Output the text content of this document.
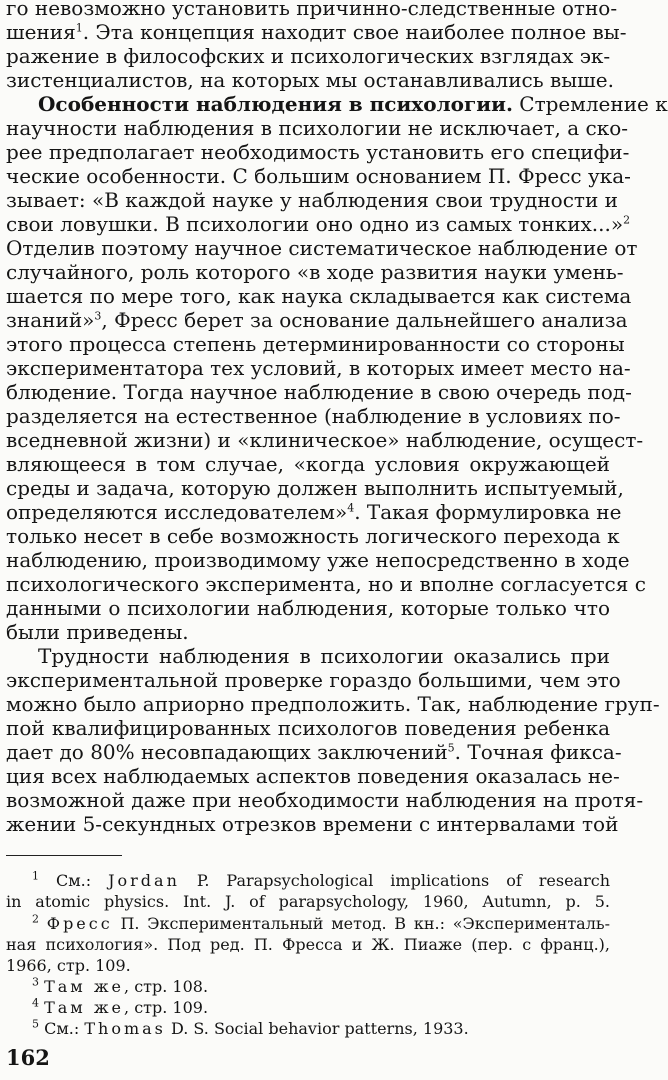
го невозможно установить причинно-следственные отно-
шения$^1$. Эта концепция находит свое наиболее полное вы-
ражение в философских и психологических взглядах эк-
зистенциалистов, на которых мы останавливались выше.
Особенности наблюдения в психологии. Стремление к
научности наблюдения в психологии не исключает, а ско-
рее предполагает необходимость установить его специфи-
ческие особенности. С большим основанием П. Фресс ука-
зывает: «В каждой науке у наблюдения свои трудности и
свои ловушки. В психологии оно одно из самых тонких...»$^2$
Отделив поэтому научное систематическое наблюдение от
случайного, роль которого «в ходе развития науки умень-
шается по мере того, как наука складывается как система
знаний»$^3$, Фресс берет за основание дальнейшего анализа
этого процесса степень детерминированности со стороны
экспериментатора тех условий, в которых имеет место на-
блюдение. Тогда научное наблюдение в свою очередь под-
разделяется на естественное (наблюдение в условиях по-
вседневной жизни) и «клиническое» наблюдение, осущест-
вляющееся в том случае, «когда условия окружающей
среды и задача, которую должен выполнить испытуемый,
определяются исследователем»$^4$. Такая формулировка не
только несет в себе возможность логического перехода к
наблюдению, производимому уже непосредственно в ходе
психологического эксперимента, но и вполне согласуется с
данными о психологии наблюдения, которые только что
были приведены.
Трудности наблюдения в психологии оказались при
экспериментальной проверке гораздо большими, чем это
можно было априорно предположить. Так, наблюдение груп-
пой квалифицированных психологов поведения ребенка
дает до 80% несовпадающих заключений$^5$. Точная фикса-
ция всех наблюдаемых аспектов поведения оказалась не-
возможной даже при необходимости наблюдения на протя-
жении 5-секундных отрезков времени с интервалами той
$^1$ См.: Jordan P. Parapsychological implications of research
in atomic physics. Int. J. of parapsychology, 1960, Autumn, p. 5.
$^2$ Фресс П. Экспериментальный метод. В кн.: «Эксперименталь-
ная психология». Под ред. П. Фресса и Ж. Пиаже (пер. с франц.),
1966, стр. 109.
$^3$ Там же, стр. 108.
$^4$ Там же, стр. 109.
$^5$ См.: Thomas D. S. Social behavior patterns, 1933.
162
